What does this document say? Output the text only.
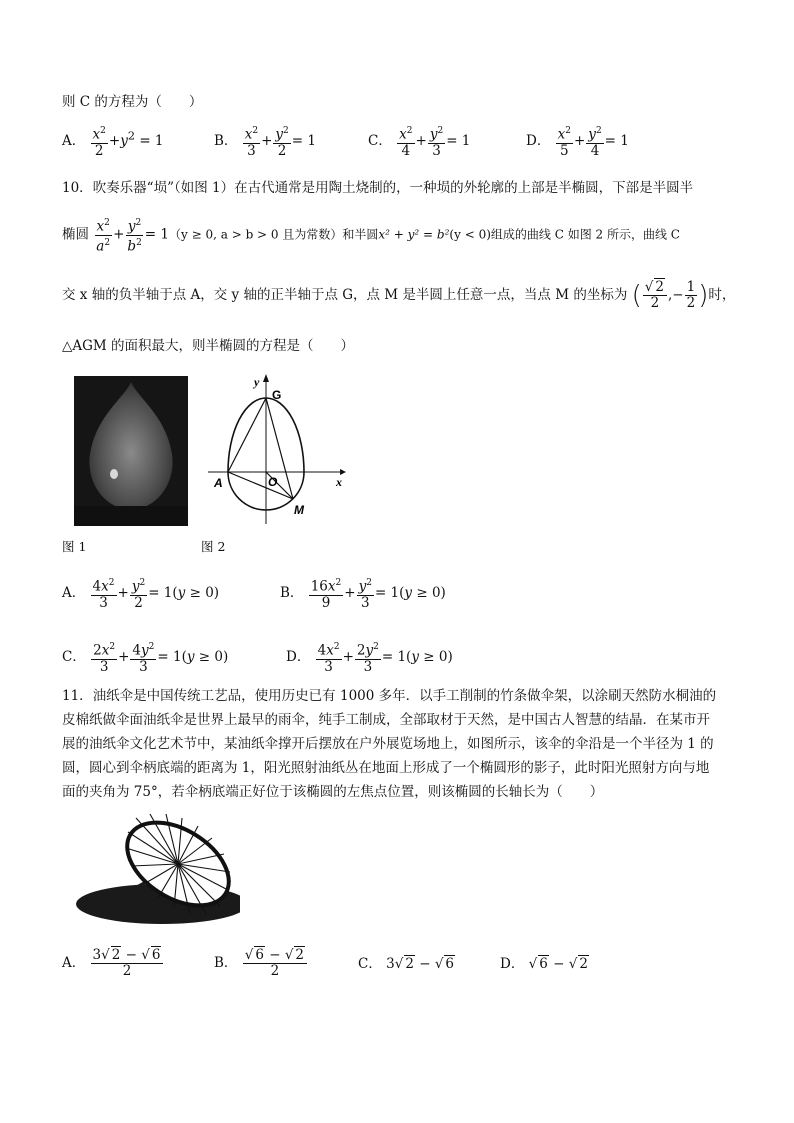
则 C 的方程为（　　）
A． $\frac{x^2}{2} +y^2 = 1$	B． $\frac{x^2}{3} + \frac{y^2}{2} = 1$	C． $\frac{x^2}{4} + \frac{y^2}{3} = 1$	D． $\frac{x^2}{5} + \frac{y^2}{4} = 1$
10．吹奏乐器“埙”（如图 1）在古代通常是用陶土烧制的，一种埙的外轮廓的上部是半椭圆，下部是半圆半
椭圆 $\frac{x^2}{a^2} + \frac{y^2}{b^2} = 1(y \ge 0$, a > b > 0 且为常数）和半圆x² + y² = b²(y < 0)组成的曲线 C 如图 2 所示，曲线 C
交 x 轴的负半轴于点 A，交 y 轴的正半轴于点 G，点 M 是半圆上任意一点，当点 M 的坐标为 ( $\frac{√ 2}{2}$ ,− $\frac{1}{2}$ )时，
△AGM 的面积最大，则半椭圆的方程是（　　）
图 1
y
x
G
A	O
M
图 2
A． $\frac{4x^2}{3} + \frac{y^2}{2} = 1(y \ge 0)$	B． $\frac{16x^2}{9} + \frac{y^2}{3} = 1(y \ge 0)$
C． $\frac{2x^2}{3} + \frac{4y^2}{3} = 1(y \ge 0)$	D． $\frac{4x^2}{3} + \frac{2y^2}{3} = 1(y \ge 0)$
11．油纸伞是中国传统工艺品，使用历史已有 1000 多年．以手工削制的竹条做伞架，以涂刷天然防水桐油的
皮棉纸做伞面油纸伞是世界上最早的雨伞，纯手工制成，全部取材于天然，是中国古人智慧的结晶．在某市开
展的油纸伞文化艺术节中，某油纸伞撑开后摆放在户外展览场地上，如图所示，该伞的伞沿是一个半径为 1 的
圆，圆心到伞柄底端的距离为 1，阳光照射油纸丛在地面上形成了一个椭圆形的影子，此时阳光照射方向与地
面的夹角为 75°，若伞柄底端正好位于该椭圆的左焦点位置，则该椭圆的长轴长为（　　）
A． $\frac{3√ 2 - √ 6}{2}$	B． $\frac{√ 6 - √ 2}{2}$	C． 3√ 2 − √ 6	D． √ 6 − √ 2
